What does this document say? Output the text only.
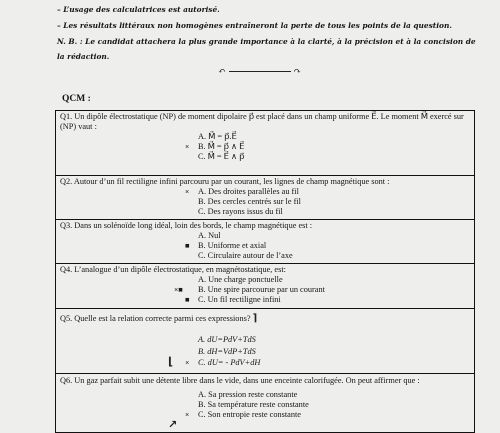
– L’usage des calculatrices est autorisé.
– Les résultats littéraux non homogènes entraîneront la perte de tous les points de la question.
N. B. : Le candidat attachera la plus grande importance à la clarté, à la précision et à la concision de la rédaction.
↶	↷
QCM :
Q1. Un dipôle électrostatique (NP) de moment dipolaire p⃗ est placé dans un champ uniforme E⃗. Le moment M⃗ exercé sur (NP) vaut :
A. M⃗ = p⃗.E⃗
× B. M⃗ = p⃗ ∧ E⃗
C. M⃗ = E⃗ ∧ p⃗
Q2. Autour d’un fil rectiligne infini parcouru par un courant, les lignes de champ magnétique sont :
× A. Des droites parallèles au fil
B. Des cercles centrés sur le fil
C. Des rayons issus du fil
Q3. Dans un solénoïde long idéal, loin des bords, le champ magnétique est :
A. Nul
■ B. Uniforme et axial
C. Circulaire autour de l’axe
Q4. L’analogue d’un dipôle électrostatique, en magnétostatique, est:
A. Une charge ponctuelle
×■ B. Une spire parcourue par un courant
■ C. Un fil rectiligne infini
Q5. Quelle est la relation correcte parmi ces expressions? ⌉
A. dU=PdV+TdS
B. dH=VdP+TdS
× C. dU= - PdV+dH
Q6. Un gaz parfait subit une détente libre dans le vide, dans une enceinte calorifugée. On peut affirmer que :
A. Sa pression reste constante
B. Sa température reste constante
× C. Son entropie reste constante
⌊
↗
